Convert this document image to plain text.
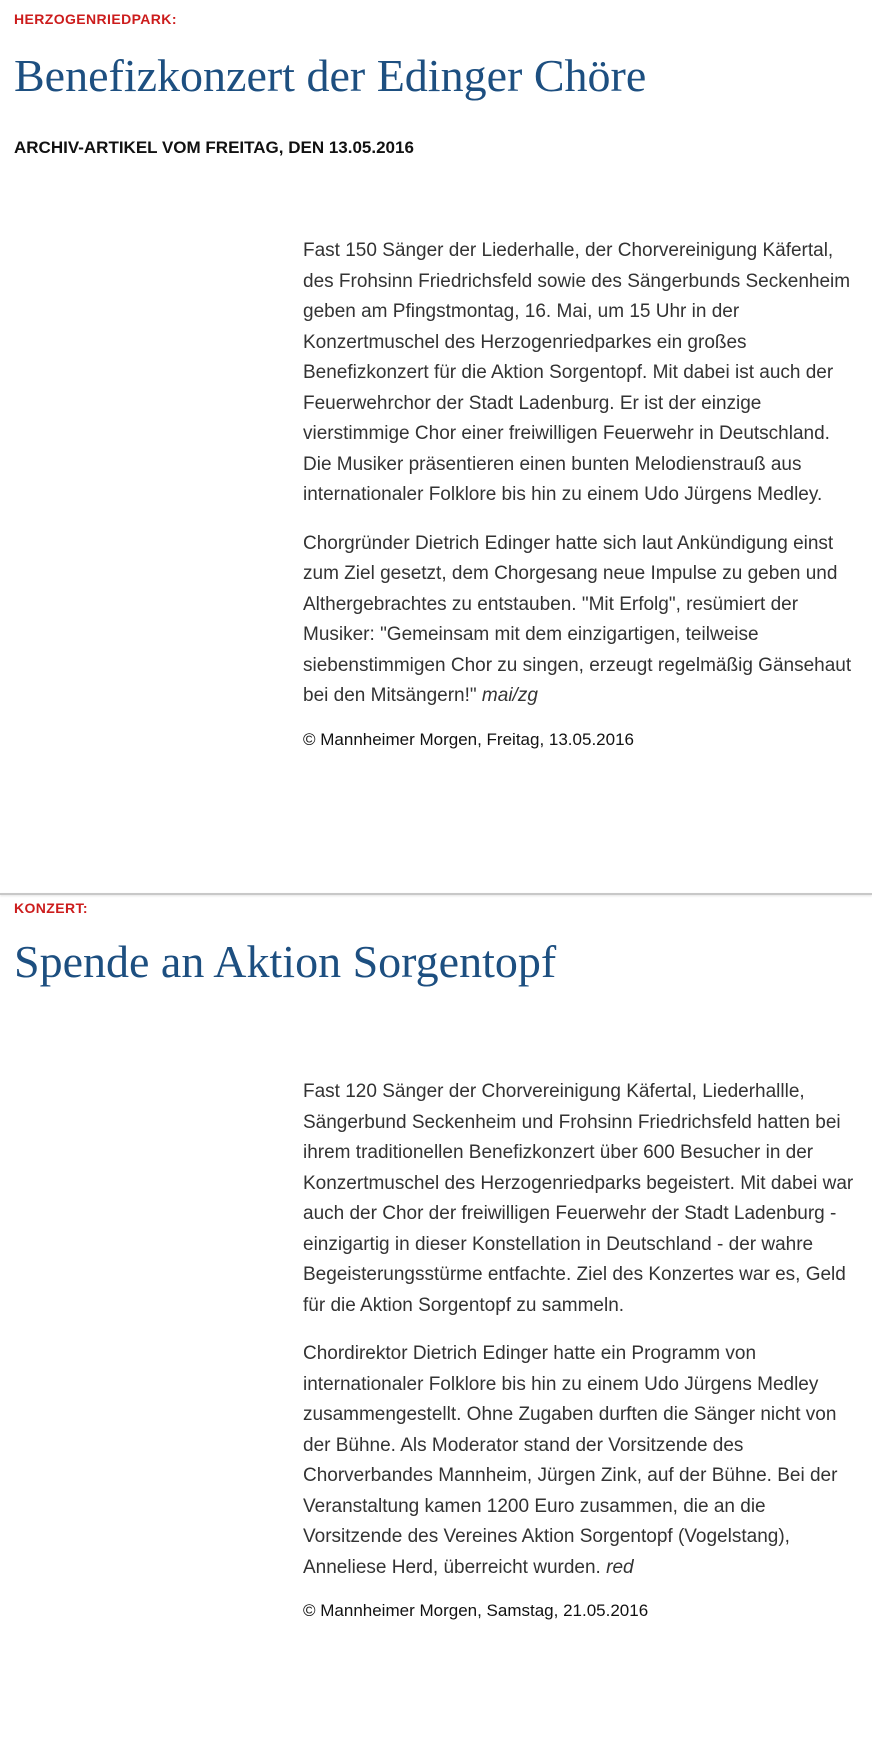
HERZOGENRIEDPARK:
Benefizkonzert der Edinger Chöre
ARCHIV-ARTIKEL VOM FREITAG, DEN 13.05.2016

Fast 150 Sänger der Liederhalle, der Chorvereinigung Käfertal, des Frohsinn Friedrichsfeld sowie des Sängerbunds Seckenheim geben am Pfingstmontag, 16. Mai, um 15 Uhr in der Konzertmuschel des Herzogenriedparkes ein großes Benefizkonzert für die Aktion Sorgentopf. Mit dabei ist auch der Feuerwehrchor der Stadt Ladenburg. Er ist der einzige vierstimmige Chor einer freiwilligen Feuerwehr in Deutschland. Die Musiker präsentieren einen bunten Melodienstrauß aus internationaler Folklore bis hin zu einem Udo Jürgens Medley.

Chorgründer Dietrich Edinger hatte sich laut Ankündigung einst zum Ziel gesetzt, dem Chorgesang neue Impulse zu geben und Althergebrachtes zu entstauben. "Mit Erfolg", resümiert der Musiker: "Gemeinsam mit dem einzigartigen, teilweise siebenstimmigen Chor zu singen, erzeugt regelmäßig Gänsehaut bei den Mitsängern!" mai/zg

© Mannheimer Morgen, Freitag, 13.05.2016
KONZERT:
Spende an Aktion Sorgentopf

Fast 120 Sänger der Chorvereinigung Käfertal, Liederhallle, Sängerbund Seckenheim und Frohsinn Friedrichsfeld hatten bei ihrem traditionellen Benefizkonzert über 600 Besucher in der Konzertmuschel des Herzogenriedparks begeistert. Mit dabei war auch der Chor der freiwilligen Feuerwehr der Stadt Ladenburg - einzigartig in dieser Konstellation in Deutschland - der wahre Begeisterungsstürme entfachte. Ziel des Konzertes war es, Geld für die Aktion Sorgentopf zu sammeln.

Chordirektor Dietrich Edinger hatte ein Programm von internationaler Folklore bis hin zu einem Udo Jürgens Medley zusammengestellt. Ohne Zugaben durften die Sänger nicht von der Bühne. Als Moderator stand der Vorsitzende des Chorverbandes Mannheim, Jürgen Zink, auf der Bühne. Bei der Veranstaltung kamen 1200 Euro zusammen, die an die Vorsitzende des Vereines Aktion Sorgentopf (Vogelstang), Anneliese Herd, überreicht wurden. red

© Mannheimer Morgen, Samstag, 21.05.2016
